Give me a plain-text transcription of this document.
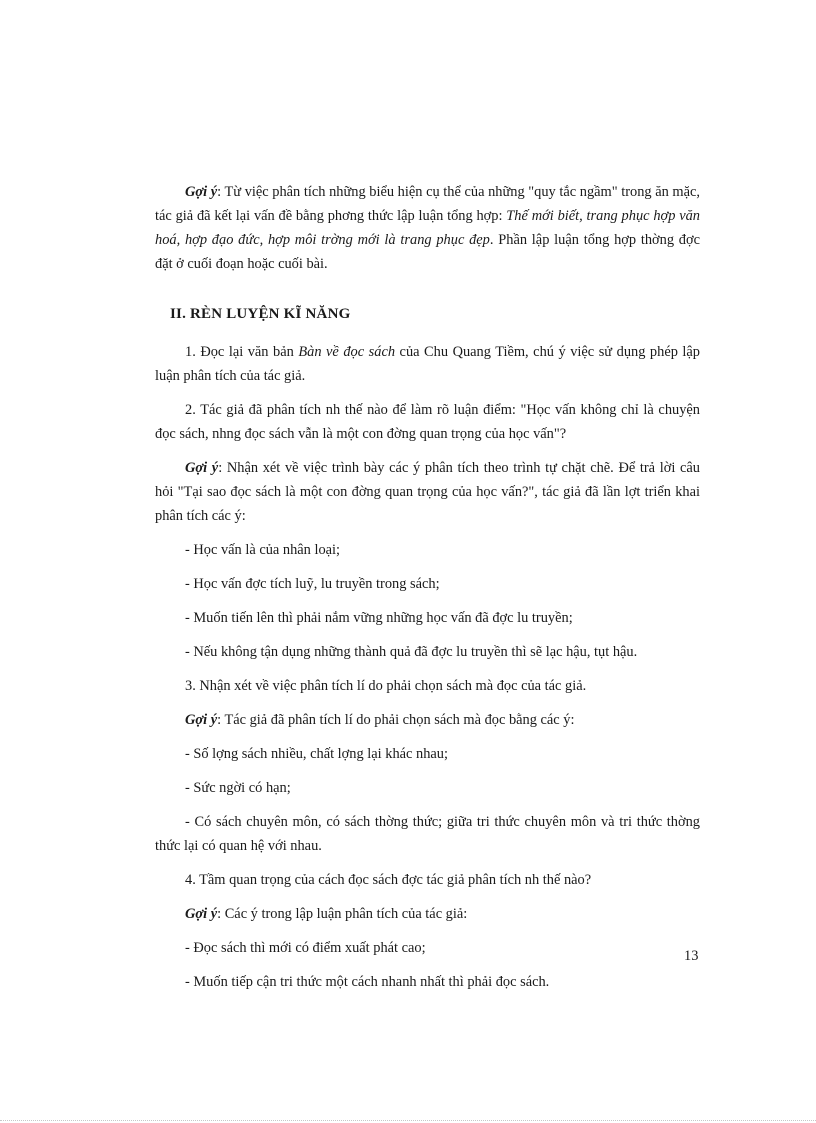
Gợi ý: Từ việc phân tích những biểu hiện cụ thể của những "quy tắc ngầm" trong ăn mặc, tác giả đã kết lại vấn đề bằng phơng thức lập luận tổng hợp: Thế mới biết, trang phục hợp văn hoá, hợp đạo đức, hợp môi trờng mới là trang phục đẹp. Phần lập luận tổng hợp thờng đợc đặt ở cuối đoạn hoặc cuối bài.

II. RÈN LUYỆN KĨ NĂNG

1. Đọc lại văn bản Bàn về đọc sách của Chu Quang Tiềm, chú ý việc sử dụng phép lập luận phân tích của tác giả.

2. Tác giả đã phân tích nh thế nào để làm rõ luận điểm: "Học vấn không chỉ là chuyện đọc sách, nhng đọc sách vẫn là một con đờng quan trọng của học vấn"?

Gợi ý: Nhận xét về việc trình bày các ý phân tích theo trình tự chặt chẽ. Để trả lời câu hỏi "Tại sao đọc sách là một con đờng quan trọng của học vấn?", tác giả đã lần lợt triển khai phân tích các ý:

- Học vấn là của nhân loại;

- Học vấn đợc tích luỹ, lu truyền trong sách;

- Muốn tiến lên thì phải nắm vững những học vấn đã đợc lu truyền;

- Nếu không tận dụng những thành quả đã đợc lu truyền thì sẽ lạc hậu, tụt hậu.

3. Nhận xét về việc phân tích lí do phải chọn sách mà đọc của tác giả.

Gợi ý: Tác giả đã phân tích lí do phải chọn sách mà đọc bằng các ý:

- Số lợng sách nhiều, chất lợng lại khác nhau;

- Sức ngời có hạn;

- Có sách chuyên môn, có sách thờng thức; giữa tri thức chuyên môn và tri thức thờng thức lại có quan hệ với nhau.

4. Tầm quan trọng của cách đọc sách đợc tác giả phân tích nh thế nào?

Gợi ý: Các ý trong lập luận phân tích của tác giả:

- Đọc sách thì mới có điểm xuất phát cao;

- Muốn tiếp cận tri thức một cách nhanh nhất thì phải đọc sách.

13
